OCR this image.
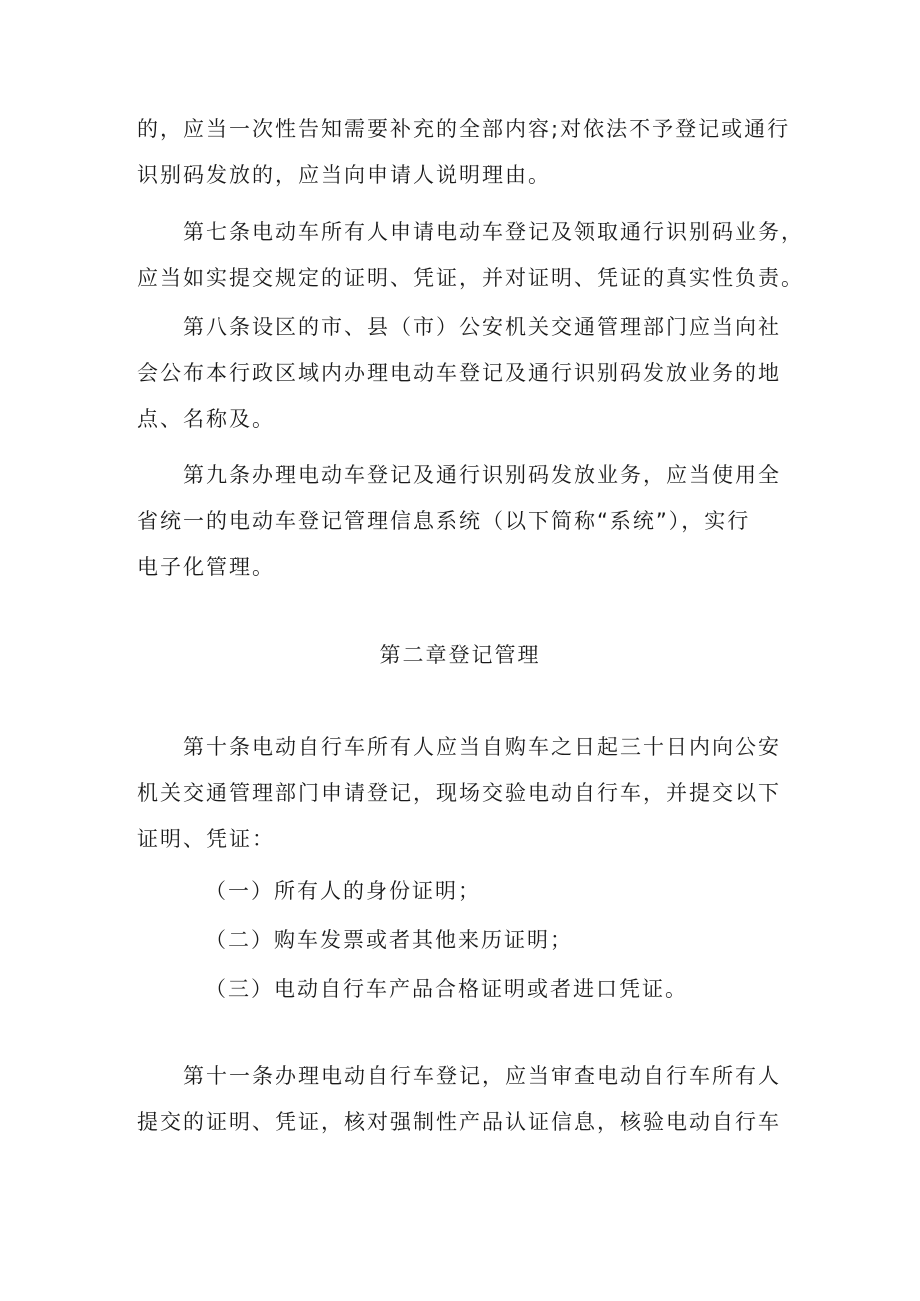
的，应当一次性告知需要补充的全部内容;对依法不予登记或通行
识别码发放的，应当向申请人说明理由。
第七条电动车所有人申请电动车登记及领取通行识别码业务，
应当如实提交规定的证明、凭证，并对证明、凭证的真实性负责。
第八条设区的市、县（市）公安机关交通管理部门应当向社
会公布本行政区域内办理电动车登记及通行识别码发放业务的地
点、名称及。
第九条办理电动车登记及通行识别码发放业务，应当使用全
省统一的电动车登记管理信息系统（以下简称“系统”），实行
电子化管理。
第二章登记管理
第十条电动自行车所有人应当自购车之日起三十日内向公安
机关交通管理部门申请登记，现场交验电动自行车，并提交以下
证明、凭证：

（一）所有人的身份证明；

（二）购车发票或者其他来历证明；

（三）电动自行车产品合格证明或者进口凭证。

第十一条办理电动自行车登记，应当审查电动自行车所有人
提交的证明、凭证，核对强制性产品认证信息，核验电动自行车
